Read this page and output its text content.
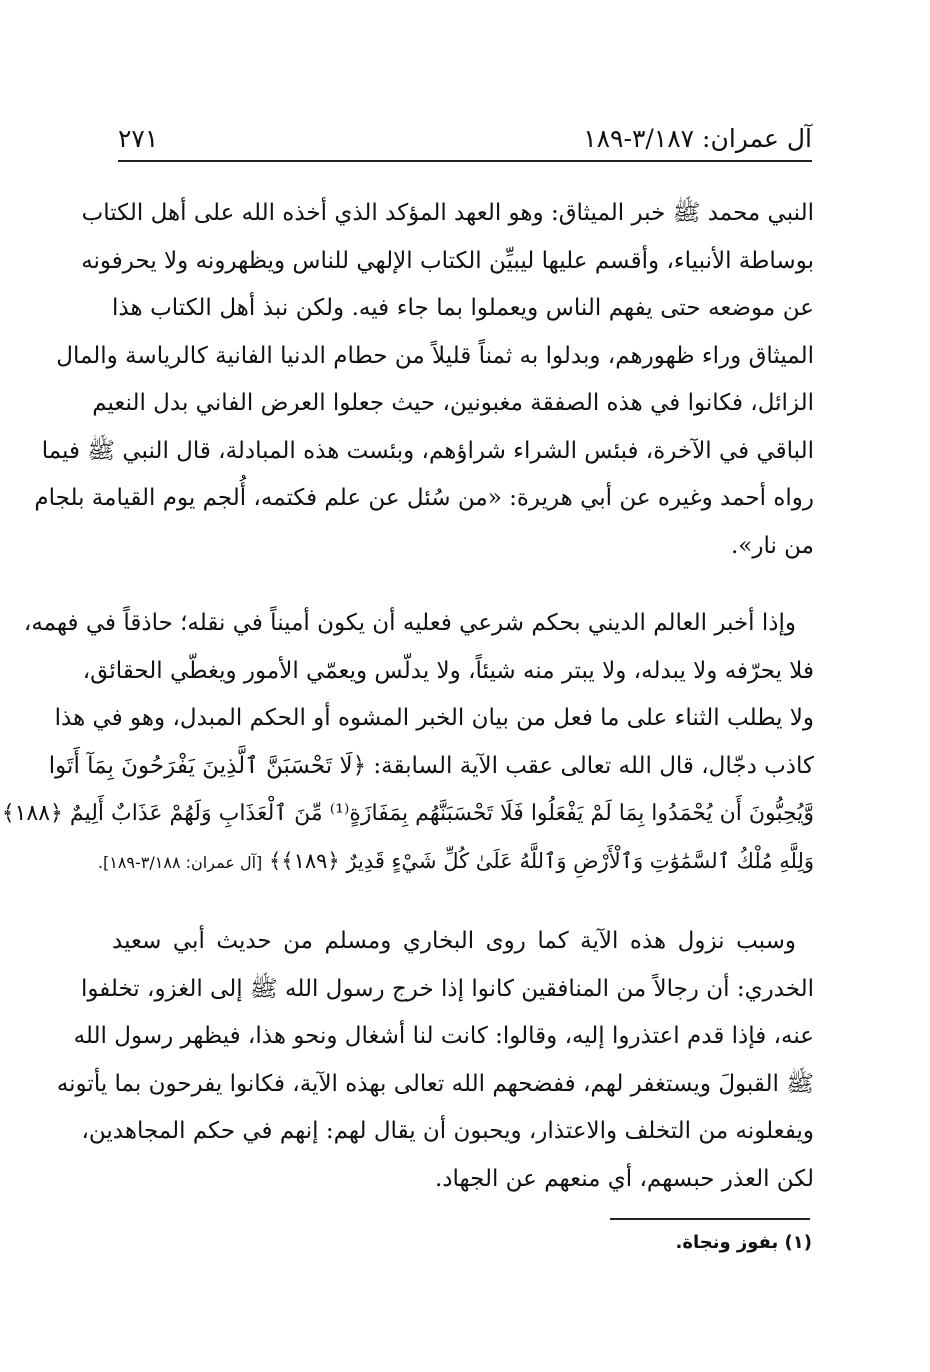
آل عمران: ٣/١٨٧-١٨٩
٢٧١
النبي محمد ﷺ خبر الميثاق: وهو العهد المؤكد الذي أخذه الله على أهل الكتاب
بوساطة الأنبياء، وأقسم عليها ليبيِّن الكتاب الإلهي للناس ويظهرونه ولا يحرفونه
عن موضعه حتى يفهم الناس ويعملوا بما جاء فيه. ولكن نبذ أهل الكتاب هذا
الميثاق وراء ظهورهم، وبدلوا به ثمناً قليلاً من حطام الدنيا الفانية كالرياسة والمال
الزائل، فكانوا في هذه الصفقة مغبونين، حيث جعلوا العرض الفاني بدل النعيم
الباقي في الآخرة، فبئس الشراء شراؤهم، وبئست هذه المبادلة، قال النبي ﷺ فيما
رواه أحمد وغيره عن أبي هريرة: «من سُئل عن علم فكتمه، أُلجم يوم القيامة بلجام
من نار».
وإذا أخبر العالم الديني بحكم شرعي فعليه أن يكون أميناً في نقله؛ حاذقاً في فهمه،
فلا يحرّفه ولا يبدله، ولا يبتر منه شيئاً، ولا يدلّس ويعمّي الأمور ويغطّي الحقائق،
ولا يطلب الثناء على ما فعل من بيان الخبر المشوه أو الحكم المبدل، وهو في هذا
كاذب دجّال، قال الله تعالى عقب الآية السابقة: ﴿لَا تَحْسَبَنَّ ٱلَّذِينَ يَفْرَحُونَ بِمَآ أَتَوا
وَّيُحِبُّونَ أَن يُحْمَدُوا بِمَا لَمْ يَفْعَلُوا فَلَا تَحْسَبَنَّهُم بِمَفَازَةٍ⁽¹⁾ مِّنَ ٱلْعَذَابِ وَلَهُمْ عَذَابٌ أَلِيمٌ ﴿١٨٨﴾
وَلِلَّهِ مُلْكُ ٱلسَّمَٰوَٰتِ وَٱلْأَرْضِ وَٱللَّهُ عَلَىٰ كُلِّ شَيْءٍ قَدِيرٌ ﴿١٨٩﴾﴾ [آل عمران: ٣/١٨٨-١٨٩].
وسبب نزول هذه الآية كما روى البخاري ومسلم من حديث أبي سعيد
الخدري: أن رجالاً من المنافقين كانوا إذا خرج رسول الله ﷺ إلى الغزو، تخلفوا
عنه، فإذا قدم اعتذروا إليه، وقالوا: كانت لنا أشغال ونحو هذا، فيظهر رسول الله
ﷺ القبولَ ويستغفر لهم، ففضحهم الله تعالى بهذه الآية، فكانوا يفرحون بما يأتونه
ويفعلونه من التخلف والاعتذار، ويحبون أن يقال لهم: إنهم في حكم المجاهدين،
لكن العذر حبسهم، أي منعهم عن الجهاد.
(١) بفوز ونجاة.
